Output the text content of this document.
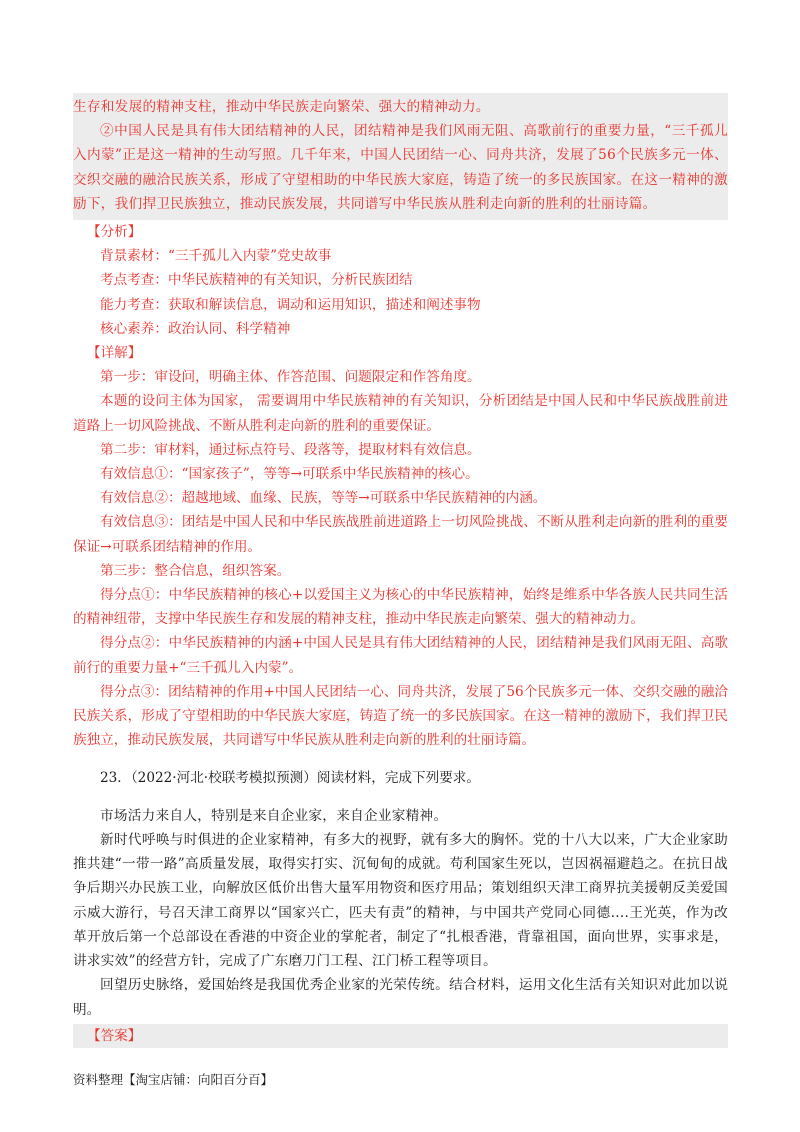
生存和发展的精神支柱，推动中华民族走向繁荣、强大的精神动力。

②中国人民是具有伟大团结精神的人民，团结精神是我们风雨无阻、高歌前行的重要力量，“三千孤儿入内蒙”正是这一精神的生动写照。几千年来，中国人民团结一心、同舟共济，发展了56个民族多元一体、交织交融的融洽民族关系，形成了守望相助的中华民族大家庭，铸造了统一的多民族国家。在这一精神的激励下，我们捍卫民族独立，推动民族发展，共同谱写中华民族从胜利走向新的胜利的壮丽诗篇。

【分析】

背景素材：“三千孤儿入内蒙”党史故事

考点考查：中华民族精神的有关知识，分析民族团结

能力考查：获取和解读信息，调动和运用知识，描述和阐述事物

核心素养：政治认同、科学精神

【详解】

第一步：审设问，明确主体、作答范围、问题限定和作答角度。

本题的设问主体为国家， 需要调用中华民族精神的有关知识，分析团结是中国人民和中华民族战胜前进道路上一切风险挑战、不断从胜利走向新的胜利的重要保证。

第二步：审材料，通过标点符号、段落等，提取材料有效信息。

有效信息①：“国家孩子”，等等→可联系中华民族精神的核心。

有效信息②：超越地域、血缘、民族，等等→可联系中华民族精神的内涵。

有效信息③：团结是中国人民和中华民族战胜前进道路上一切风险挑战、不断从胜利走向新的胜利的重要保证→可联系团结精神的作用。

第三步：整合信息，组织答案。

得分点①：中华民族精神的核心+以爱国主义为核心的中华民族精神，始终是维系中华各族人民共同生活的精神纽带，支撑中华民族生存和发展的精神支柱，推动中华民族走向繁荣、强大的精神动力。

得分点②：中华民族精神的内涵+中国人民是具有伟大团结精神的人民，团结精神是我们风雨无阻、高歌前行的重要力量+“三千孤儿入内蒙”。

得分点③：团结精神的作用+中国人民团结一心、同舟共济，发展了56个民族多元一体、交织交融的融洽民族关系，形成了守望相助的中华民族大家庭，铸造了统一的多民族国家。在这一精神的激励下，我们捍卫民族独立，推动民族发展，共同谱写中华民族从胜利走向新的胜利的壮丽诗篇。

23．（2022·河北·校联考模拟预测）阅读材料，完成下列要求。

市场活力来自人，特别是来自企业家，来自企业家精神。

新时代呼唤与时俱进的企业家精神，有多大的视野，就有多大的胸怀。党的十八大以来，广大企业家助推共建“一带一路”高质量发展，取得实打实、沉甸甸的成就。苟利国家生死以，岂因祸福避趋之。在抗日战争后期兴办民族工业，向解放区低价出售大量军用物资和医疗用品；策划组织天津工商界抗美援朝反美爱国示威大游行，号召天津工商界以“国家兴亡，匹夫有责”的精神，与中国共产党同心同德....王光英，作为改革开放后第一个总部设在香港的中资企业的掌舵者，制定了“扎根香港，背靠祖国，面向世界，实事求是，讲求实效”的经营方针，完成了广东磨刀门工程、江门桥工程等项目。

回望历史脉络，爱国始终是我国优秀企业家的光荣传统。结合材料，运用文化生活有关知识对此加以说明。

【答案】
资料整理【淘宝店铺：向阳百分百】
